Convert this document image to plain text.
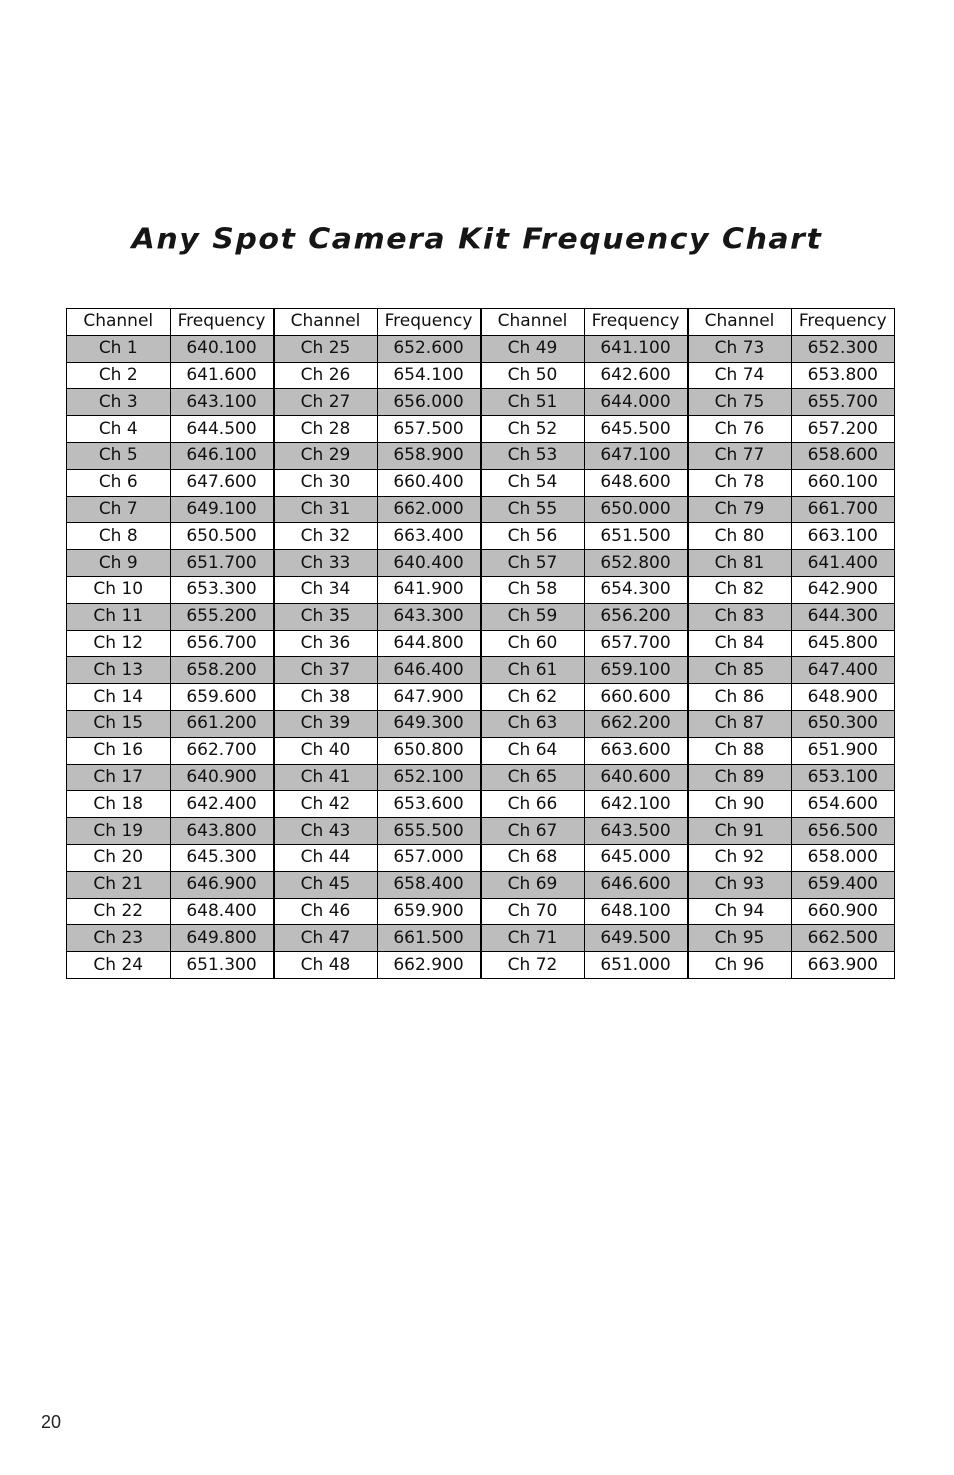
Any Spot Camera Kit Frequency Chart
Channel	Frequency	Channel	Frequency	Channel	Frequency	Channel	Frequency
Ch 1	640.100	Ch 25	652.600	Ch 49	641.100	Ch 73	652.300
Ch 2	641.600	Ch 26	654.100	Ch 50	642.600	Ch 74	653.800
Ch 3	643.100	Ch 27	656.000	Ch 51	644.000	Ch 75	655.700
Ch 4	644.500	Ch 28	657.500	Ch 52	645.500	Ch 76	657.200
Ch 5	646.100	Ch 29	658.900	Ch 53	647.100	Ch 77	658.600
Ch 6	647.600	Ch 30	660.400	Ch 54	648.600	Ch 78	660.100
Ch 7	649.100	Ch 31	662.000	Ch 55	650.000	Ch 79	661.700
Ch 8	650.500	Ch 32	663.400	Ch 56	651.500	Ch 80	663.100
Ch 9	651.700	Ch 33	640.400	Ch 57	652.800	Ch 81	641.400
Ch 10	653.300	Ch 34	641.900	Ch 58	654.300	Ch 82	642.900
Ch 11	655.200	Ch 35	643.300	Ch 59	656.200	Ch 83	644.300
Ch 12	656.700	Ch 36	644.800	Ch 60	657.700	Ch 84	645.800
Ch 13	658.200	Ch 37	646.400	Ch 61	659.100	Ch 85	647.400
Ch 14	659.600	Ch 38	647.900	Ch 62	660.600	Ch 86	648.900
Ch 15	661.200	Ch 39	649.300	Ch 63	662.200	Ch 87	650.300
Ch 16	662.700	Ch 40	650.800	Ch 64	663.600	Ch 88	651.900
Ch 17	640.900	Ch 41	652.100	Ch 65	640.600	Ch 89	653.100
Ch 18	642.400	Ch 42	653.600	Ch 66	642.100	Ch 90	654.600
Ch 19	643.800	Ch 43	655.500	Ch 67	643.500	Ch 91	656.500
Ch 20	645.300	Ch 44	657.000	Ch 68	645.000	Ch 92	658.000
Ch 21	646.900	Ch 45	658.400	Ch 69	646.600	Ch 93	659.400
Ch 22	648.400	Ch 46	659.900	Ch 70	648.100	Ch 94	660.900
Ch 23	649.800	Ch 47	661.500	Ch 71	649.500	Ch 95	662.500
Ch 24	651.300	Ch 48	662.900	Ch 72	651.000	Ch 96	663.900
20
